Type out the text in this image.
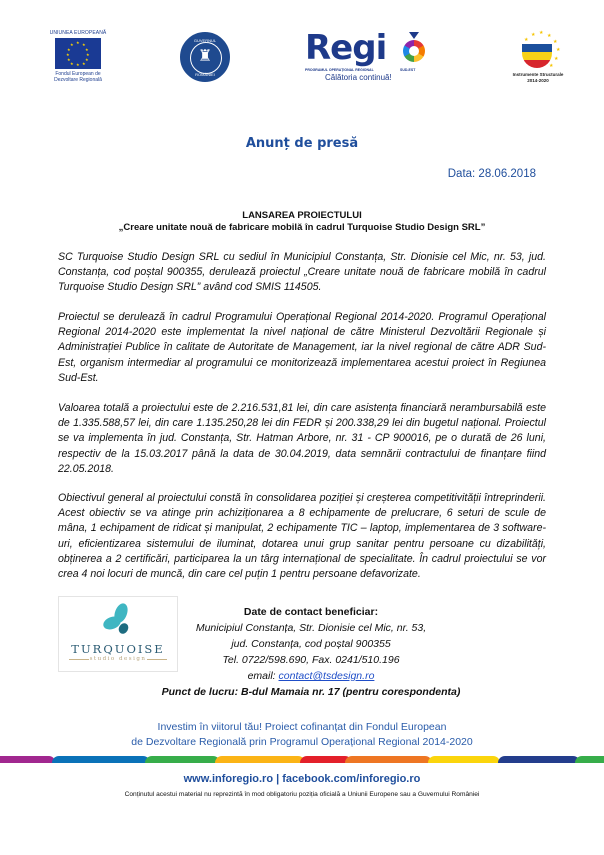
UNIUNEA EUROPEANĂ
★ ★
★
★
★
★
★
★
★
★
★
★
Fondul European de
Dezvoltare Regională
GUVERNUL
♜
ROMÂNIEI
Regi
PROGRAMUL OPERAȚIONAL REGIONAL	SUD-EST
Călătoria continuă!
★
★ ★ ★
★
★
★
★
Instrumente Structurale
2014-2020
Anunț de presă
Data: 28.06.2018
LANSAREA PROIECTULUI
„Creare unitate nouă de fabricare mobilă în cadrul Turquoise Studio Design SRL”
SC Turquoise Studio Design SRL cu sediul în Municipiul Constanța, Str. Dionisie cel Mic, nr. 53, jud. Constanța, cod poștal 900355, derulează proiectul „Creare unitate nouă de fabricare mobilă în cadrul Turquoise Studio Design SRL” având cod SMIS 114505.
Proiectul se derulează în cadrul Programului Operațional Regional 2014-2020. Programul Operațional Regional 2014-2020 este implementat la nivel național de către Ministerul Dezvoltării Regionale și Administrației Publice în calitate de Autoritate de Management, iar la nivel regional de către ADR Sud-Est, organism intermediar al programului ce monitorizează implementarea acestui proiect în Regiunea Sud-Est.
Valoarea totală a proiectului este de 2.216.531,81 lei, din care asistența financiară nerambursabilă este de 1.335.588,57 lei, din care 1.135.250,28 lei din FEDR și 200.338,29 lei din bugetul național. Proiectul se va implementa în jud. Constanța, Str. Hatman Arbore, nr. 31 - CP 900016, pe o durată de 26 luni, respectiv de la 15.03.2017 până la data de 30.04.2019, data semnării contractului de finanțare fiind 22.05.2018.
Obiectivul general al proiectului constă în consolidarea poziției și creșterea competitivității întreprinderii. Acest obiectiv se va atinge prin achiziționarea a 8 echipamente de prelucrare, 6 seturi de scule de mâna, 1 echipament de ridicat și manipulat, 2 echipamente TIC – laptop, implementarea de 3 software-uri, eficientizarea sistemului de iluminat, dotarea unui grup sanitar pentru persoane cu dizabilități, obținerea a 2 certificări, participarea la un târg internațional de specialitate. În cadrul proiectului se vor crea 4 noi locuri de muncă, din care cel puțin 1 pentru persoane defavorizate.
TURQUOISE
studio design
Date de contact beneficiar:
Municipiul Constanța, Str. Dionisie cel Mic, nr. 53,
jud. Constanța, cod poștal 900355
Tel. 0722/598.690, Fax. 0241/510.196
email: contact@tsdesign.ro
Punct de lucru: B-dul Mamaia nr. 17 (pentru corespondenta)
Investim în viitorul tău! Proiect cofinanțat din Fondul European
de Dezvoltare Regională prin Programul Operațional Regional 2014-2020
www.inforegio.ro | facebook.com/inforegio.ro
Conținutul acestui material nu reprezintă în mod obligatoriu poziția oficială a Uniunii Europene sau a Guvernului României
